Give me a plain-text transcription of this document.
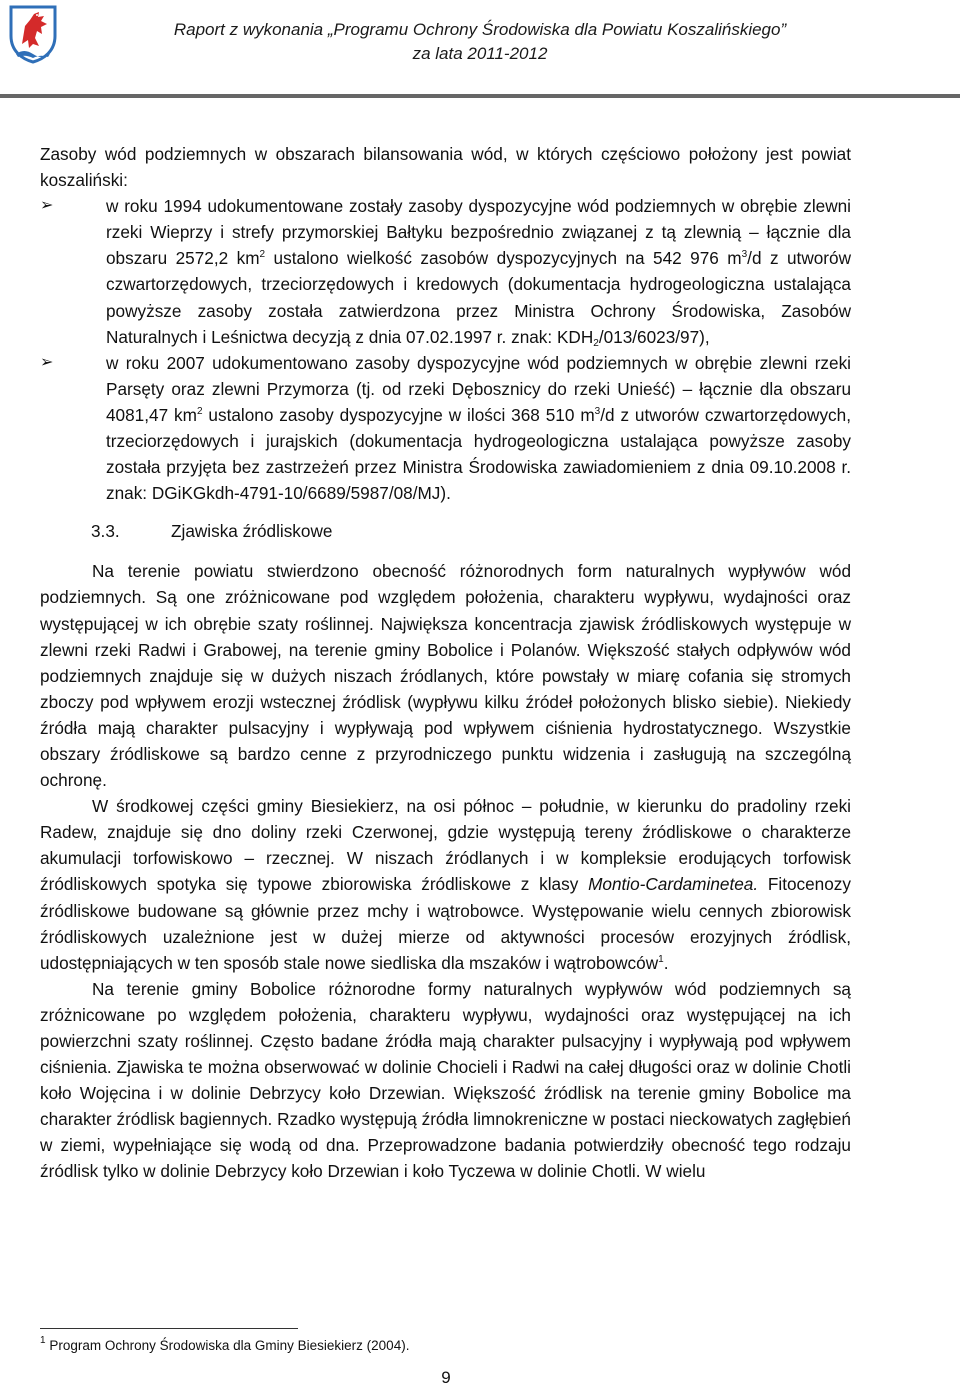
Raport z wykonania „Programu Ochrony Środowiska dla Powiatu Koszalińskiego”
za lata 2011-2012

Zasoby wód podziemnych w obszarach bilansowania wód, w których częściowo położony jest powiat koszaliński:

➢	w roku 1994 udokumentowane zostały zasoby dyspozycyjne wód podziemnych w obrębie zlewni rzeki Wieprzy i strefy przymorskiej Bałtyku bezpośrednio związanej z tą zlewnią – łącznie dla obszaru 2572,2 $km^2$ ustalono wielkość zasobów dyspozycyjnych na 542 976 $m^3/d$ z utworów czwartorzędowych, trzeciorzędowych i kredowych (dokumentacja hydrogeologiczna ustalająca powyższe zasoby została zatwierdzona przez Ministra Ochrony Środowiska, Zasobów Naturalnych i Leśnictwa decyzją z dnia 07.02.1997 r. znak: $KDH_2/013/6023/97$),
➢	w roku 2007 udokumentowano zasoby dyspozycyjne wód podziemnych w obrębie zlewni rzeki Parsęty oraz zlewni Przymorza (tj. od rzeki Dębosznicy do rzeki Unieść) – łącznie dla obszaru 4081,47 $km^2$ ustalono zasoby dyspozycyjne w ilości 368 510 $m^3/d$ z utworów czwartorzędowych, trzeciorzędowych i jurajskich (dokumentacja hydrogeologiczna ustalająca powyższe zasoby została przyjęta bez zastrzeżeń przez Ministra Środowiska zawiadomieniem z dnia 09.10.2008 r. znak: DGiKGkdh-4791-10/6689/5987/08/MJ).
3.3.	Zjawiska źródliskowe

Na terenie powiatu stwierdzono obecność różnorodnych form naturalnych wypływów wód podziemnych. Są one zróżnicowane pod względem położenia, charakteru wypływu, wydajności oraz występującej w ich obrębie szaty roślinnej. Największa koncentracja zjawisk źródliskowych występuje w zlewni rzeki Radwi i Grabowej, na terenie gminy Bobolice i Polanów. Większość stałych odpływów wód podziemnych znajduje się w dużych niszach źródlanych, które powstały w miarę cofania się stromych zboczy pod wpływem erozji wstecznej źródlisk (wypływu kilku źródeł położonych blisko siebie). Niekiedy źródła mają charakter pulsacyjny i wypływają pod wpływem ciśnienia hydrostatycznego. Wszystkie obszary źródliskowe są bardzo cenne z przyrodniczego punktu widzenia i zasługują na szczególną ochronę.

W środkowej części gminy Biesiekierz, na osi północ – południe, w kierunku do pradoliny rzeki Radew, znajduje się dno doliny rzeki Czerwonej, gdzie występują tereny źródliskowe o charakterze akumulacji torfowiskowo – rzecznej. W niszach źródlanych i w kompleksie erodujących torfowisk źródliskowych spotyka się typowe zbiorowiska źródliskowe z klasy Montio-Cardaminetea. Fitocenozy źródliskowe budowane są głównie przez mchy i wątrobowce. Występowanie wielu cennych zbiorowisk źródliskowych uzależnione jest w dużej mierze od aktywności procesów erozyjnych źródlisk, udostępniających w ten sposób stale nowe siedliska dla mszaków i wątrobowców$^1$.

Na terenie gminy Bobolice różnorodne formy naturalnych wypływów wód podziemnych są zróżnicowane po względem położenia, charakteru wypływu, wydajności oraz występującej na ich powierzchni szaty roślinnej. Często badane źródła mają charakter pulsacyjny i wypływają pod wpływem ciśnienia. Zjawiska te można obserwować w dolinie Chocieli i Radwi na całej długości oraz w dolinie Chotli koło Wojęcina i w dolinie Debrzycy koło Drzewian. Większość źródlisk na terenie gminy Bobolice ma charakter źródlisk bagiennych. Rzadko występują źródła limnokreniczne w postaci nieckowatych zagłębień w ziemi, wypełniające się wodą od dna. Przeprowadzone badania potwierdziły obecność tego rodzaju źródlisk tylko w dolinie Debrzycy koło Drzewian i koło Tyczewa w dolinie Chotli. W wielu

$^1$ Program Ochrony Środowiska dla Gminy Biesiekierz (2004).
9
